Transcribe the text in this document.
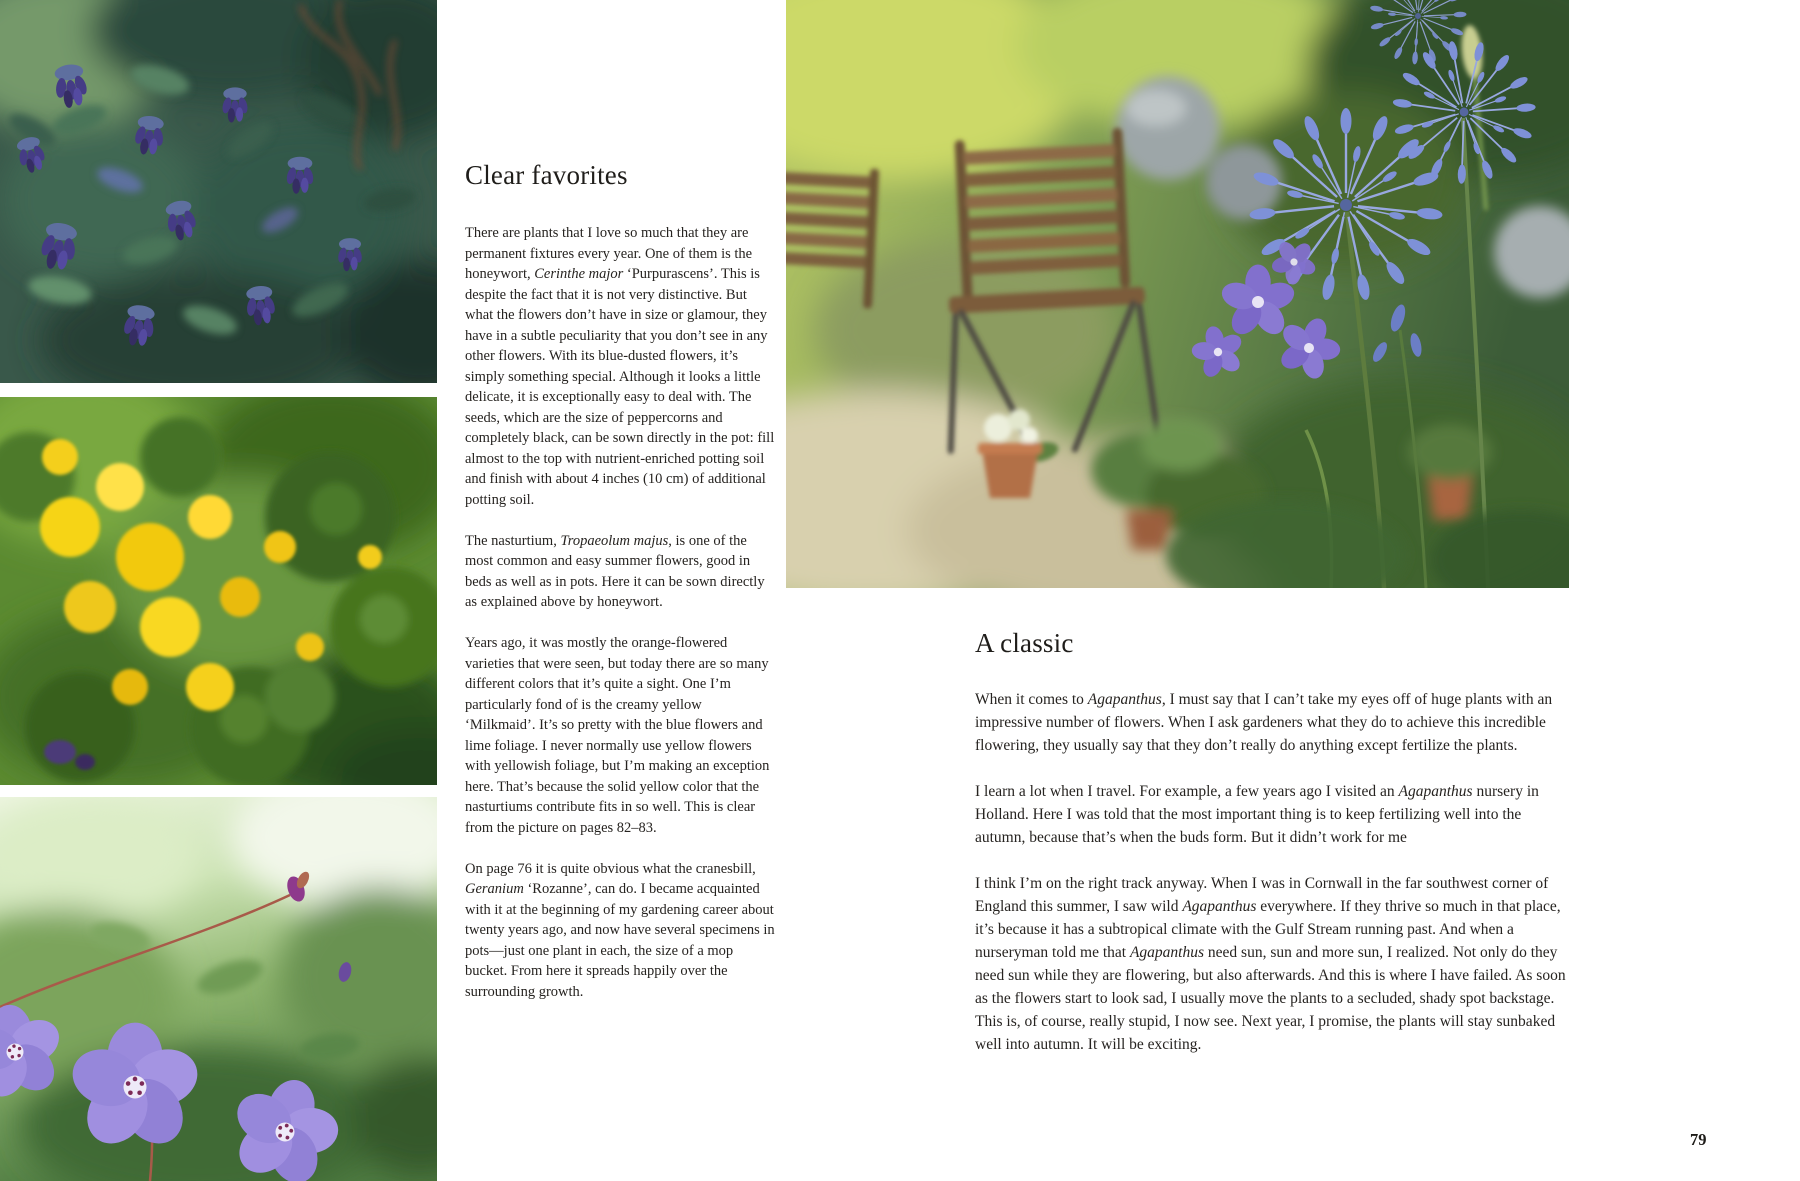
Clear favorites

There are plants that I love so much that they are permanent fixtures every year. One of them is the honeywort, Cerinthe major ‘Purpurascens’. This is despite the fact that it is not very distinctive. But what the flowers don’t have in size or glamour, they have in a subtle peculiarity that you don’t see in any other flowers. With its blue-dusted flowers, it’s simply something special. Although it looks a little delicate, it is exceptionally easy to deal with. The seeds, which are the size of peppercorns and completely black, can be sown directly in the pot: fill almost to the top with nutrient-enriched potting soil and finish with about 4 inches (10 cm) of additional potting soil.

The nasturtium, Tropaeolum majus, is one of the most common and easy summer flowers, good in beds as well as in pots. Here it can be sown directly as explained above by honeywort.

Years ago, it was mostly the orange-flowered varieties that were seen, but today there are so many different colors that it’s quite a sight. One I’m particularly fond of is the creamy yellow ‘Milkmaid’. It’s so pretty with the blue flowers and lime foliage. I never normally use yellow flowers with yellowish foliage, but I’m making an exception here. That’s because the solid yellow color that the nasturtiums contribute fits in so well. This is clear from the picture on pages 82–83.

On page 76 it is quite obvious what the cranesbill, Geranium ‘Rozanne’, can do. I became acquainted with it at the beginning of my gardening career about twenty years ago, and now have several specimens in pots—just one plant in each, the size of a mop bucket. From here it spreads happily over the surrounding growth.

A classic

When it comes to Agapanthus, I must say that I can’t take my eyes off of huge plants with an impressive number of flowers. When I ask gardeners what they do to achieve this incredible flowering, they usually say that they don’t really do anything except fertilize the plants.

I learn a lot when I travel. For example, a few years ago I visited an Agapanthus nursery in Holland. Here I was told that the most important thing is to keep fertilizing well into the autumn, because that’s when the buds form. But it didn’t work for me

I think I’m on the right track anyway. When I was in Cornwall in the far southwest corner of England this summer, I saw wild Agapanthus everywhere. If they thrive so much in that place, it’s because it has a subtropical climate with the Gulf Stream running past. And when a nurseryman told me that Agapanthus need sun, sun and more sun, I realized. Not only do they need sun while they are flowering, but also afterwards. And this is where I have failed. As soon as the flowers start to look sad, I usually move the plants to a secluded, shady spot backstage. This is, of course, really stupid, I now see. Next year, I promise, the plants will stay sunbaked well into autumn. It will be exciting.

79
